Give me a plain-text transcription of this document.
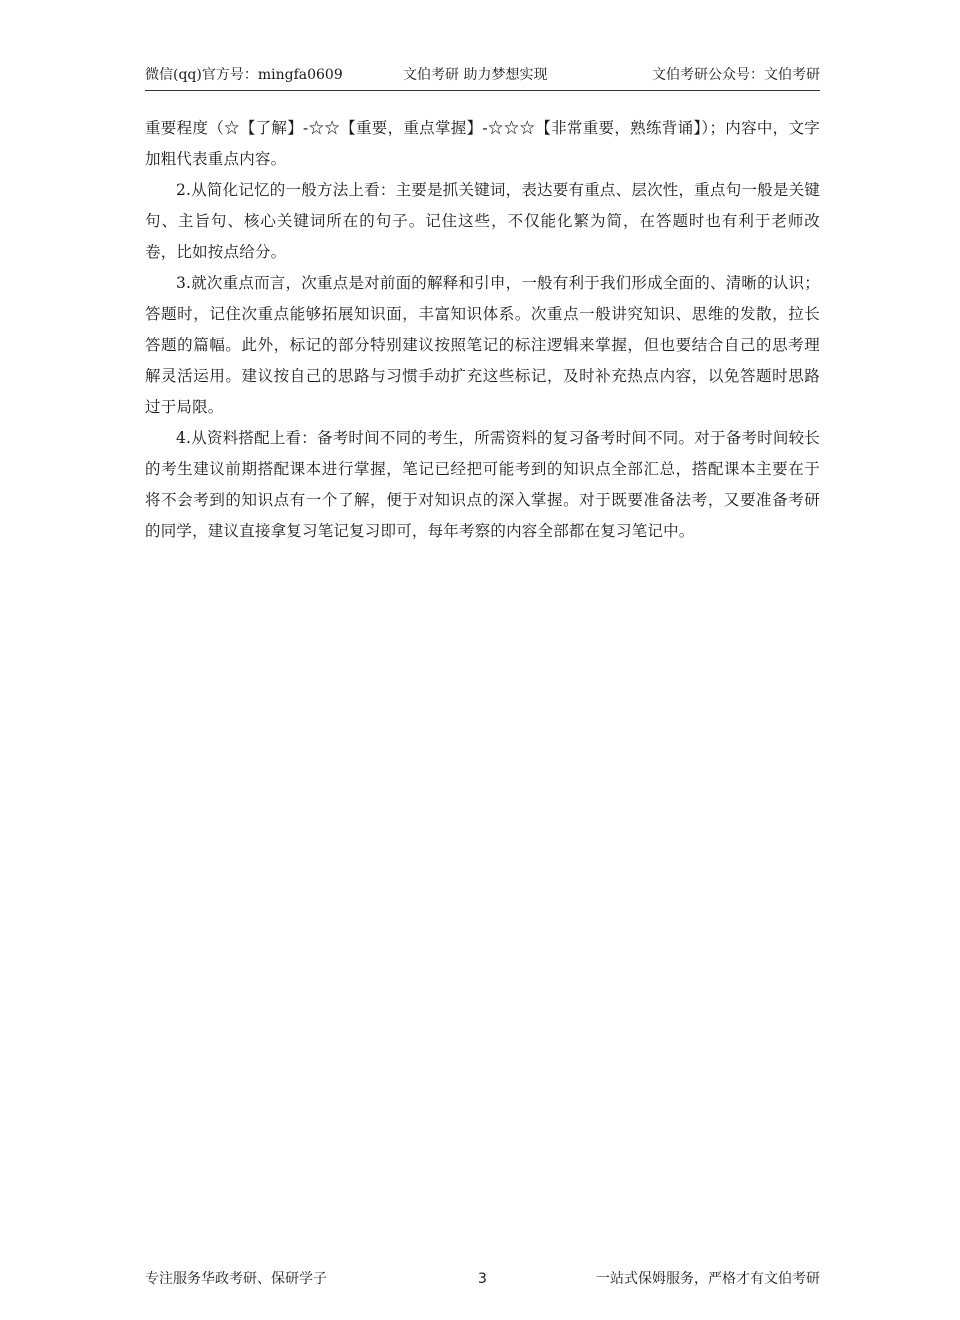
微信(qq)官方号：mingfa0609	文伯考研 助力梦想实现	文伯考研公众号：文伯考研

重要程度（☆【了解】-☆☆【重要，重点掌握】-☆☆☆【非常重要，熟练背诵】）；内容中，文字加粗代表重点内容。

2.从简化记忆的一般方法上看：主要是抓关键词，表达要有重点、层次性，重点句一般是关键句、主旨句、核心关键词所在的句子。记住这些，不仅能化繁为简，在答题时也有利于老师改卷，比如按点给分。

3.就次重点而言，次重点是对前面的解释和引申，一般有利于我们形成全面的、清晰的认识；答题时，记住次重点能够拓展知识面，丰富知识体系。次重点一般讲究知识、思维的发散，拉长答题的篇幅。此外，标记的部分特别建议按照笔记的标注逻辑来掌握，但也要结合自己的思考理解灵活运用。建议按自己的思路与习惯手动扩充这些标记，及时补充热点内容，以免答题时思路过于局限。

4.从资料搭配上看：备考时间不同的考生，所需资料的复习备考时间不同。对于备考时间较长的考生建议前期搭配课本进行掌握，笔记已经把可能考到的知识点全部汇总，搭配课本主要在于将不会考到的知识点有一个了解，便于对知识点的深入掌握。对于既要准备法考，又要准备考研的同学，建议直接拿复习笔记复习即可，每年考察的内容全部都在复习笔记中。

专注服务华政考研、保研学子	3	一站式保姆服务，严格才有文伯考研
